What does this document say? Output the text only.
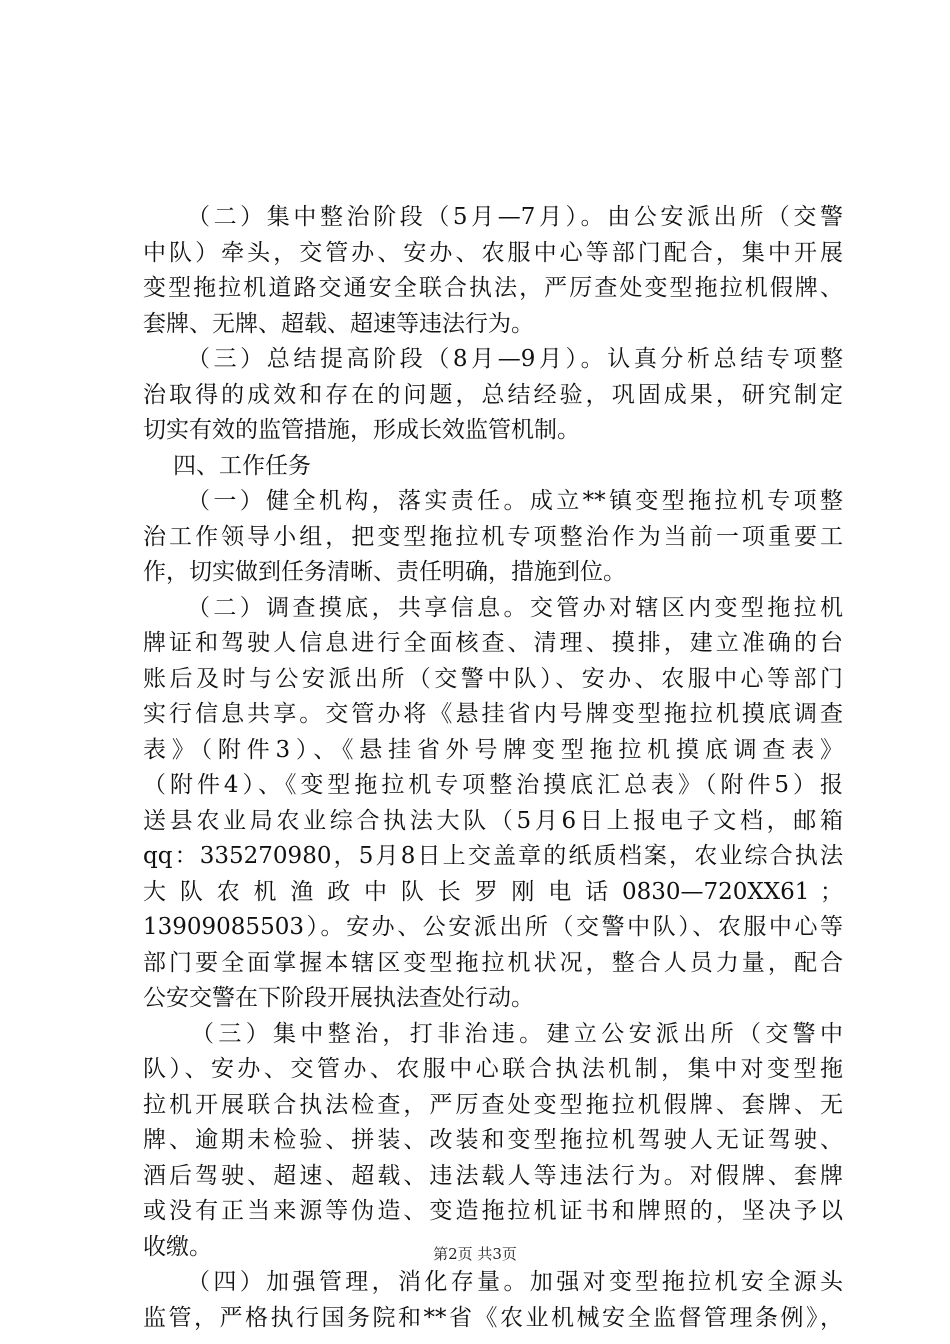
（二）集中整治阶段（5月—7月）。由公安派出所（交警
中队）牵头，交管办、安办、农服中心等部门配合，集中开展
变型拖拉机道路交通安全联合执法，严厉查处变型拖拉机假牌、
套牌、无牌、超载、超速等违法行为。
（三）总结提高阶段（8月—9月）。认真分析总结专项整
治取得的成效和存在的问题，总结经验，巩固成果，研究制定
切实有效的监管措施，形成长效监管机制。
四、工作任务
（一）健全机构，落实责任。成立**镇变型拖拉机专项整
治工作领导小组，把变型拖拉机专项整治作为当前一项重要工
作，切实做到任务清晰、责任明确，措施到位。
（二）调查摸底，共享信息。交管办对辖区内变型拖拉机
牌证和驾驶人信息进行全面核查、清理、摸排，建立准确的台
账后及时与公安派出所（交警中队）、安办、农服中心等部门
实行信息共享。交管办将《悬挂省内号牌变型拖拉机摸底调查
表》（附件3）、《悬挂省外号牌变型拖拉机摸底调查表》
（附件4）、《变型拖拉机专项整治摸底汇总表》（附件5）报
送县农业局农业综合执法大队（5月6日上报电子文档，邮箱
qq：335270980，5月8日上交盖章的纸质档案，农业综合执法
大 队 农 机 渔 政 中 队 长 罗 刚 电 话 0830—720XX61 ；
13909085503）。安办、公安派出所（交警中队）、农服中心等
部门要全面掌握本辖区变型拖拉机状况，整合人员力量，配合
公安交警在下阶段开展执法查处行动。
（三）集中整治，打非治违。建立公安派出所（交警中
队）、安办、交管办、农服中心联合执法机制，集中对变型拖
拉机开展联合执法检查，严厉查处变型拖拉机假牌、套牌、无
牌、逾期未检验、拼装、改装和变型拖拉机驾驶人无证驾驶、
酒后驾驶、超速、超载、违法载人等违法行为。对假牌、套牌
或没有正当来源等伪造、变造拖拉机证书和牌照的，坚决予以
收缴。
（四）加强管理，消化存量。加强对变型拖拉机安全源头
监管，严格执行国务院和**省《农业机械安全监督管理条例》，
第2页 共3页
